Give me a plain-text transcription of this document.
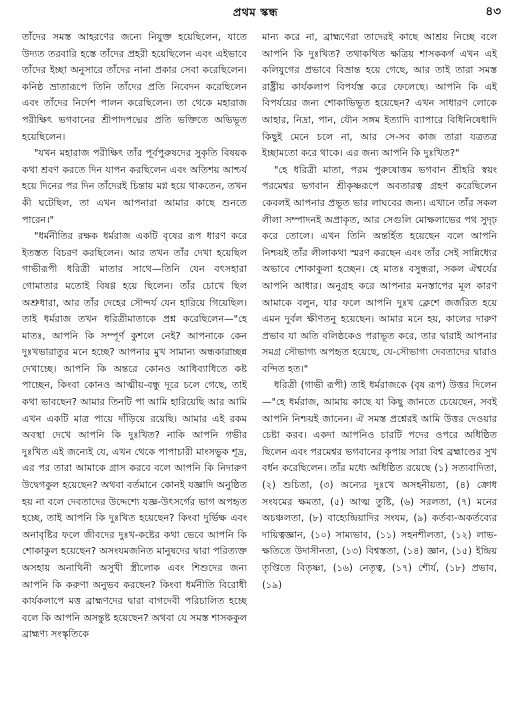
প্রথম স্কন্ধ	৪৩

তাঁদের সমস্ত আহরণের জন্যে নিযুক্ত হয়েছিলেন, যাতে উদ্যত তরবারি হস্তে তাঁদের প্রহরী হয়েছিলেন এবং এইভাবে তাঁদের ইচ্ছা অনুসারে তাঁদের নানা প্রকার সেবা করেছিলেন। কনিষ্ঠ ভ্রাতারূপে তিনি তাঁদের প্রতি নিবেদন করেছিলেন এবং তাঁদের নির্দেশ পালন করেছিলেন। তা থেকে মহারাজ পরীক্ষিৎ ভগবানের শ্রীপাদপদ্মের প্রতি ভক্তিতে অভিভূত হয়েছিলেন।

"যখন মহারাজ পরীক্ষিৎ তাঁর পূর্বপুরুষদের সুকৃতি বিষয়ক কথা শ্রবণ করতে দিন যাপন করছিলেন এবং অতিশয় আশ্চর্য হয়ে দিনের পর দিন তাঁদেরই চিন্তায় মগ্ন হয়ে থাকতেন, তখন কী ঘটেছিল, তা এখন আপনারা আমার কাছে শুনতে পারেন।"

"ধর্মনীতির রক্ষক ধর্মরাজ একটি বৃষের রূপ ধারণ করে ইতস্তত বিচরণ করছিলেন। আর তখন তাঁর দেখা হয়েছিল গাভীরূপী ধরিত্রী মাতার সাথে—তিনি যেন বৎসহারা গোমাতার মতোই বিষণ্ণ হয়ে ছিলেন। তাঁর চোখে ছিল অশ্রুধারা, আর তাঁর দেহের সৌন্দর্য যেন হারিয়ে গিয়েছিল। তাই ধর্মরাজ তখন ধরিত্রীমাতাকে প্রশ্ন করেছিলেন—"হে মাতঃ, আপনি কি সম্পূর্ণ কুশলে নেই? আপনাকে কেন দুঃখভারাতুর মনে হচ্ছে? আপনার মুখ সামান্য অন্ধকারাচ্ছন্ন দেখাচ্ছে। আপনি কি অন্তরে কোনও আধিব্যাধিতে কষ্ট পাচ্ছেন, কিংবা কোনও আত্মীয়-বন্ধু দূরে চলে গেছে, তাই কথা ভাবছেন? আমার তিনটি পা আমি হারিয়েছি আর আমি এখন একটি মাত্র পায়ে দাঁড়িয়ে রয়েছি। আমার এই রকম অবস্থা দেখে আপনি কি দুঃখিত? নাকি আপনি গভীর দুঃখিত এই জন্যেই যে, এখন থেকে পাপাচারী মাংসভুক শূদ্র, এর পর তারা আমাকে গ্রাস করবে বলে আপনি কি নিদারুণ উদ্বেগকুল হয়েছেন? অথবা বর্তমানে কোনই যজ্ঞাদি অনুষ্ঠিত হয় না বলে দেবতাদের উদ্দেশ্যে যজ্ঞ-উৎসর্গের ভাগ অপহৃত হচ্ছে, তাই আপনি কি দুঃখিত হয়েছেন? কিংবা দুর্ভিক্ষ এবং অনাবৃষ্টির ফলে জীবদের দুঃখ-কষ্টের কথা ভেবে আপনি কি শোকাকুল হয়েছেন? অসংযমজনিত মানুষদের দ্বারা পরিত্যক্ত অসহায় অনাথিনী অসুখী স্ত্রীলোক এবং শিশুদের জন্য আপনি কি করুণা অনুভব করছেন? কিংবা ধর্মনীতি বিরোধী কার্যকলাপে মত্ত ব্রাহ্মণদের দ্বারা বাগদেবী পরিচালিত হচ্ছে বলে কি আপনি অসন্তুষ্ট হয়েছেন? অথবা যে সমস্ত শাসককুল ব্রাহ্মণ্য সংস্কৃতিকে

মান্য করে না, ব্রাহ্মণেরা তাদেরই কাছে আশ্রয় নিচ্ছে বলে আপনি কি দুঃখিত? তথাকথিত ক্ষত্রিয় শাসককর্গ এখন এই কলিযুগের প্রভাবে বিভ্রান্ত হয়ে গেছে, আর তাই তারা সমস্ত রাষ্ট্রীয় কার্যকলাপ বিপর্যস্ত করে ফেলেছে। আপনি কি এই বিপর্যয়ের জন্য শোকাভিভূত হয়েছেন? এখন সাধারণ লোকে আহার, নিদ্রা, পান, যৌন সঙ্গম ইত্যাদি ব্যাপারে বিধিনিষেধাদি কিছুই মেনে চলে না, আর সে-সব কাজ তারা যত্রতত্র ইচ্ছামতো করে থাকে। এর জন্য আপনি কি দুঃখিত?"

"হে ধরিত্রী মাতা, পরম পুরুষোত্তম ভগবান শ্রীহরি স্বয়ং পরমেশ্বর ভগবান শ্রীকৃষ্ণরূপে অবতারত্ব গ্রহণ করেছিলেন কেবলই আপনার প্রভূত ভার লাঘবের জন্য। এখানে তাঁর সকল লীলা সম্পাদনই অপ্রাকৃত, আর সেগুলি মোক্ষলাভের পথ সুদৃঢ় করে তোলে। এখন তিনি অন্তর্হিত হয়েছেন বলে আপনি নিশ্চয়ই তাঁর লীলাকথা স্মরণ করছেন এবং তাঁর সেই সান্নিধ্যের অভাবে শোকাকুলা হচ্ছেন। হে মাতঃ বসুন্ধরা, সকল ঐশ্বর্যের আপনি আধার। অনুগ্রহ করে আপনার মনস্তাপের মূল কারণ আমাকে বলুন, যার ফলে আপনি দুঃখ ক্লেশে জর্জরিত হয়ে এমন দুর্বল ক্ষীণতনু হয়েছেন। আমার মনে হয়, কালের দারুণ প্রভাব যা অতি বলিষ্ঠকেও পরাভূত করে, তার দ্বারাই আপনার সমগ্র সৌভাগ্য অপহৃত হয়েছে, যে-সৌভাগ্য দেবতাদের দ্বারাও বন্দিত হত।"

ধরিত্রী (গাভী রূপী) তাই ধর্মরাজকে (বৃষ রূপ) উত্তর দিলেন—"হে ধর্মরাজ, আমায় কাছে যা কিছু জানতে চেয়েছেন, সবই আপনি নিশ্চয়ই জানেন। ঐ সমস্ত প্রশ্নেরই আমি উত্তর দেওয়ার চেষ্টা করব। একদা আপনিও চারটি পদের ওপরে অধিষ্ঠিত ছিলেন এবং পরমেশ্বর ভগবানের কৃপায় সারা বিশ্ব ব্রহ্মাণ্ডের সুখ বর্ধন করেছিলেন। তাঁর মধ্যে অধিষ্ঠিত রয়েছে (১) সত্যবাদিতা, (২) শুচিতা, (৩) অন্যের দুঃখে অসহনীয়তা, (৪) ক্রোধ সংযমের ক্ষমতা, (৫) আত্ম তুষ্টি, (৬) সরলতা, (৭) মনের অচঞ্চলতা, (৮) বাহ্যেন্দ্রিয়াদির সংযম, (৯) কর্তব্য-অকর্তব্যের দায়িত্বজ্ঞান, (১০) সাম্যভাব, (১১) সহনশীলতা, (১২) লাভ-ক্ষতিতে উদাসীনতা, (১৩) বিশ্বস্ততা, (১৪) জ্ঞান, (১৫) ইন্দ্রিয় তৃপ্তিতে বিতৃষ্ণা, (১৬) নেতৃত্ব, (১৭) শৌর্য, (১৮) প্রভাব, (১৯)
